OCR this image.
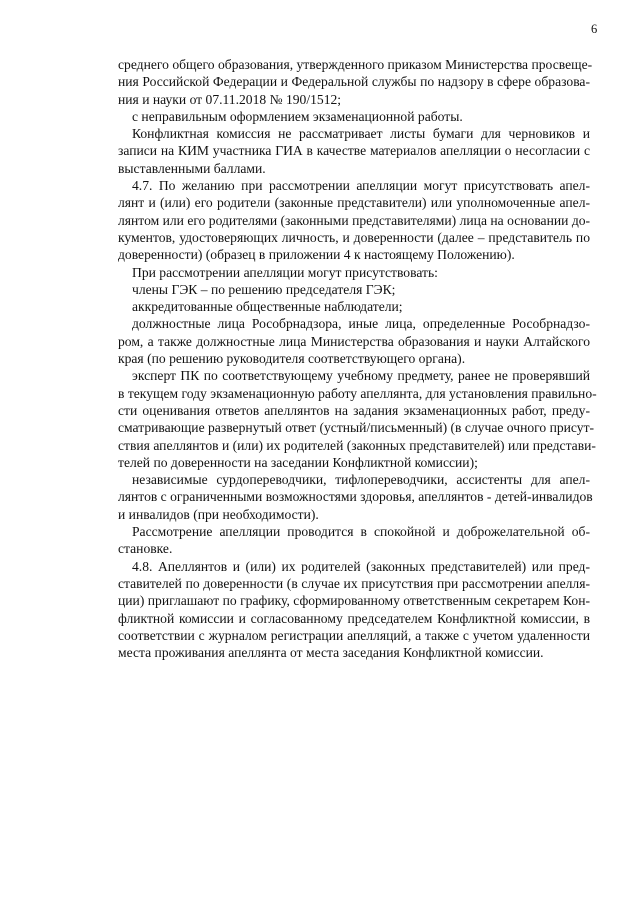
6
среднего общего образования, утвержденного приказом Министерства просвеще-
ния Российской Федерации и Федеральной службы по надзору в сфере образова-
ния и науки от 07.11.2018 № 190/1512;
с неправильным оформлением экзаменационной работы.
Конфликтная комиссия не рассматривает листы бумаги для черновиков и
записи на КИМ участника ГИА в качестве материалов апелляции о несогласии с
выставленными баллами.
4.7. По желанию при рассмотрении апелляции могут присутствовать апел-
лянт и (или) его родители (законные представители) или уполномоченные апел-
лянтом или его родителями (законными представителями) лица на основании до-
кументов, удостоверяющих личность, и доверенности (далее – представитель по
доверенности) (образец в приложении 4 к настоящему Положению).
При рассмотрении апелляции могут присутствовать:
члены ГЭК – по решению председателя ГЭК;
аккредитованные общественные наблюдатели;
должностные лица Рособрнадзора, иные лица, определенные Рособрнадзо-
ром, а также должностные лица Министерства образования и науки Алтайского
края (по решению руководителя соответствующего органа).
эксперт ПК по соответствующему учебному предмету, ранее не проверявший
в текущем году экзаменационную работу апеллянта, для установления правильно-
сти оценивания ответов апеллянтов на задания экзаменационных работ, преду-
сматривающие развернутый ответ (устный/письменный) (в случае очного присут-
ствия апеллянтов и (или) их родителей (законных представителей) или представи-
телей по доверенности на заседании Конфликтной комиссии);
независимые сурдопереводчики, тифлопереводчики, ассистенты для апел-
лянтов с ограниченными возможностями здоровья, апеллянтов - детей-инвалидов
и инвалидов (при необходимости).
Рассмотрение апелляции проводится в спокойной и доброжелательной об-
становке.
4.8. Апеллянтов и (или) их родителей (законных представителей) или пред-
ставителей по доверенности (в случае их присутствия при рассмотрении апелля-
ции) приглашают по графику, сформированному ответственным секретарем Кон-
фликтной комиссии и согласованному председателем Конфликтной комиссии, в
соответствии с журналом регистрации апелляций, а также с учетом удаленности
места проживания апеллянта от места заседания Конфликтной комиссии.
